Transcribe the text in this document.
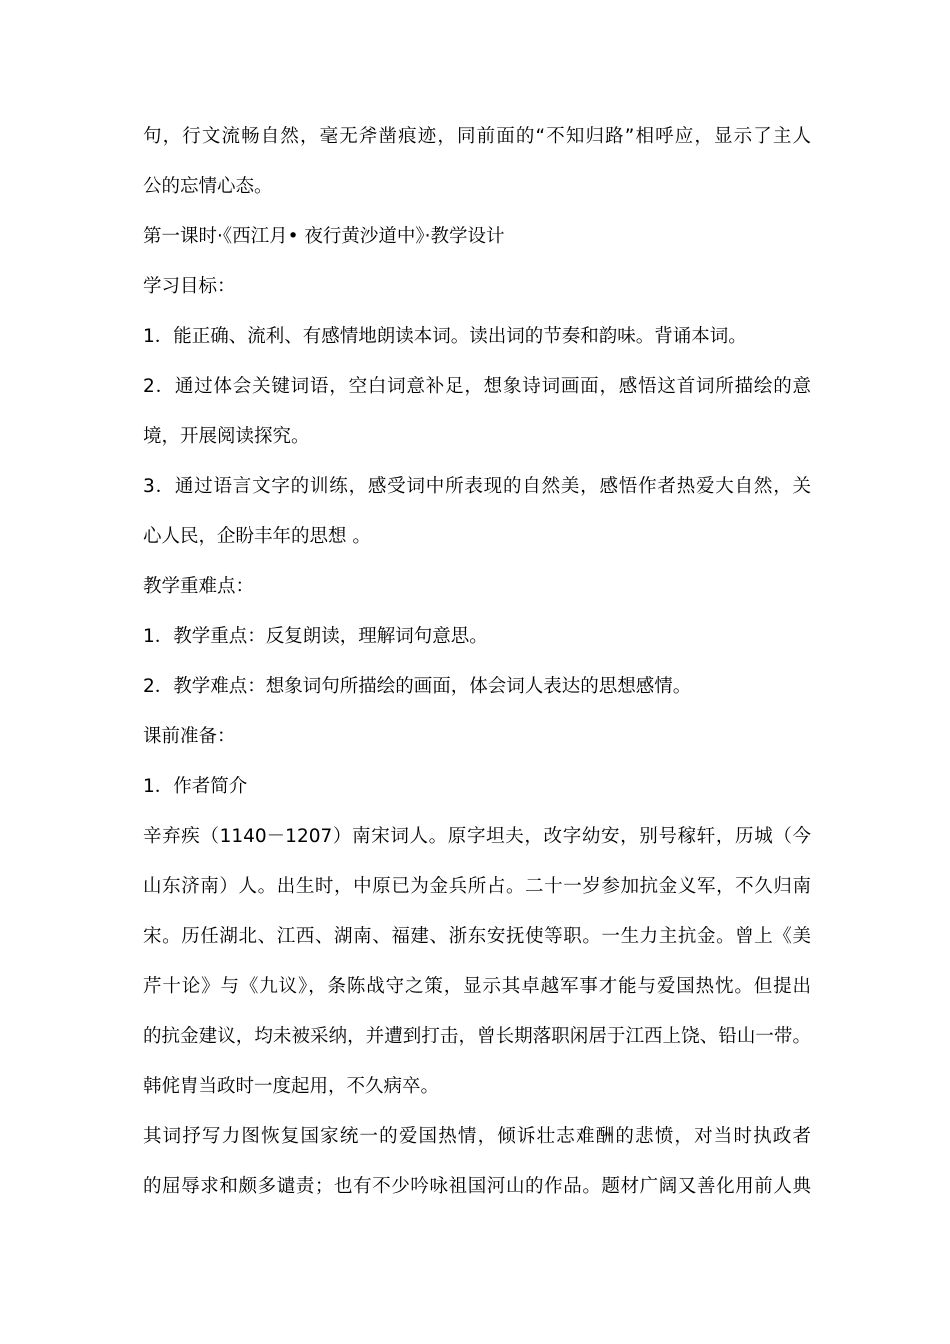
句，行文流畅自然，毫无斧凿痕迹，同前面的“不知归路”相呼应，显示了主人
公的忘情心态。
第一课时·《西江月• 夜行黄沙道中》·教学设计
学习目标：
1．能正确、流利、有感情地朗读本词。读出词的节奏和韵味。背诵本词。
2．通过体会关键词语，空白词意补足，想象诗词画面，感悟这首词所描绘的意
境，开展阅读探究。
3．通过语言文字的训练，感受词中所表现的自然美，感悟作者热爱大自然，关
心人民，企盼丰年的思想 。
教学重难点：
1．教学重点：反复朗读，理解词句意思。
2．教学难点：想象词句所描绘的画面，体会词人表达的思想感情。
课前准备：
1．作者简介
辛弃疾（1140－1207）南宋词人。原字坦夫，改字幼安，别号稼轩，历城（今
山东济南）人。出生时，中原已为金兵所占。二十一岁参加抗金义军，不久归南
宋。历任湖北、江西、湖南、福建、浙东安抚使等职。一生力主抗金。曾上《美
芹十论》与《九议》，条陈战守之策，显示其卓越军事才能与爱国热忱。但提出
的抗金建议，均未被采纳，并遭到打击，曾长期落职闲居于江西上饶、铅山一带。
韩侂胄当政时一度起用，不久病卒。
其词抒写力图恢复国家统一的爱国热情，倾诉壮志难酬的悲愤，对当时执政者
的屈辱求和颇多谴责；也有不少吟咏祖国河山的作品。题材广阔又善化用前人典
